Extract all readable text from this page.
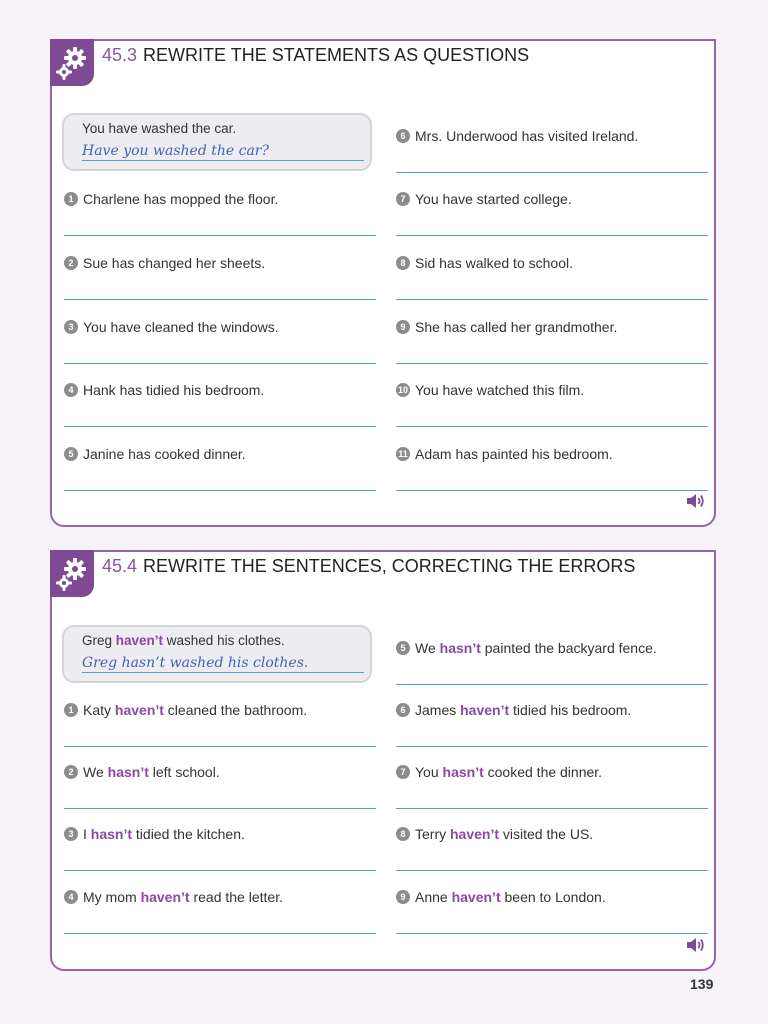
45.3 REWRITE THE STATEMENTS AS QUESTIONS
You have washed the car.
Have you washed the car?
1 Charlene has mopped the floor.
2 Sue has changed her sheets.
3 You have cleaned the windows.
4 Hank has tidied his bedroom.
5 Janine has cooked dinner.
6 Mrs. Underwood has visited Ireland.
7 You have started college.
8 Sid has walked to school.
9 She has called her grandmother.
10 You have watched this film.
11 Adam has painted his bedroom.
45.4 REWRITE THE SENTENCES, CORRECTING THE ERRORS
Greg haven’t washed his clothes.
Greg hasn’t washed his clothes.
1 Katy haven’t cleaned the bathroom.
2 We hasn’t left school.
3 I hasn’t tidied the kitchen.
4 My mom haven’t read the letter.
5 We hasn’t painted the backyard fence.
6 James haven’t tidied his bedroom.
7 You hasn’t cooked the dinner.
8 Terry haven’t visited the US.
9 Anne haven’t been to London.
139
